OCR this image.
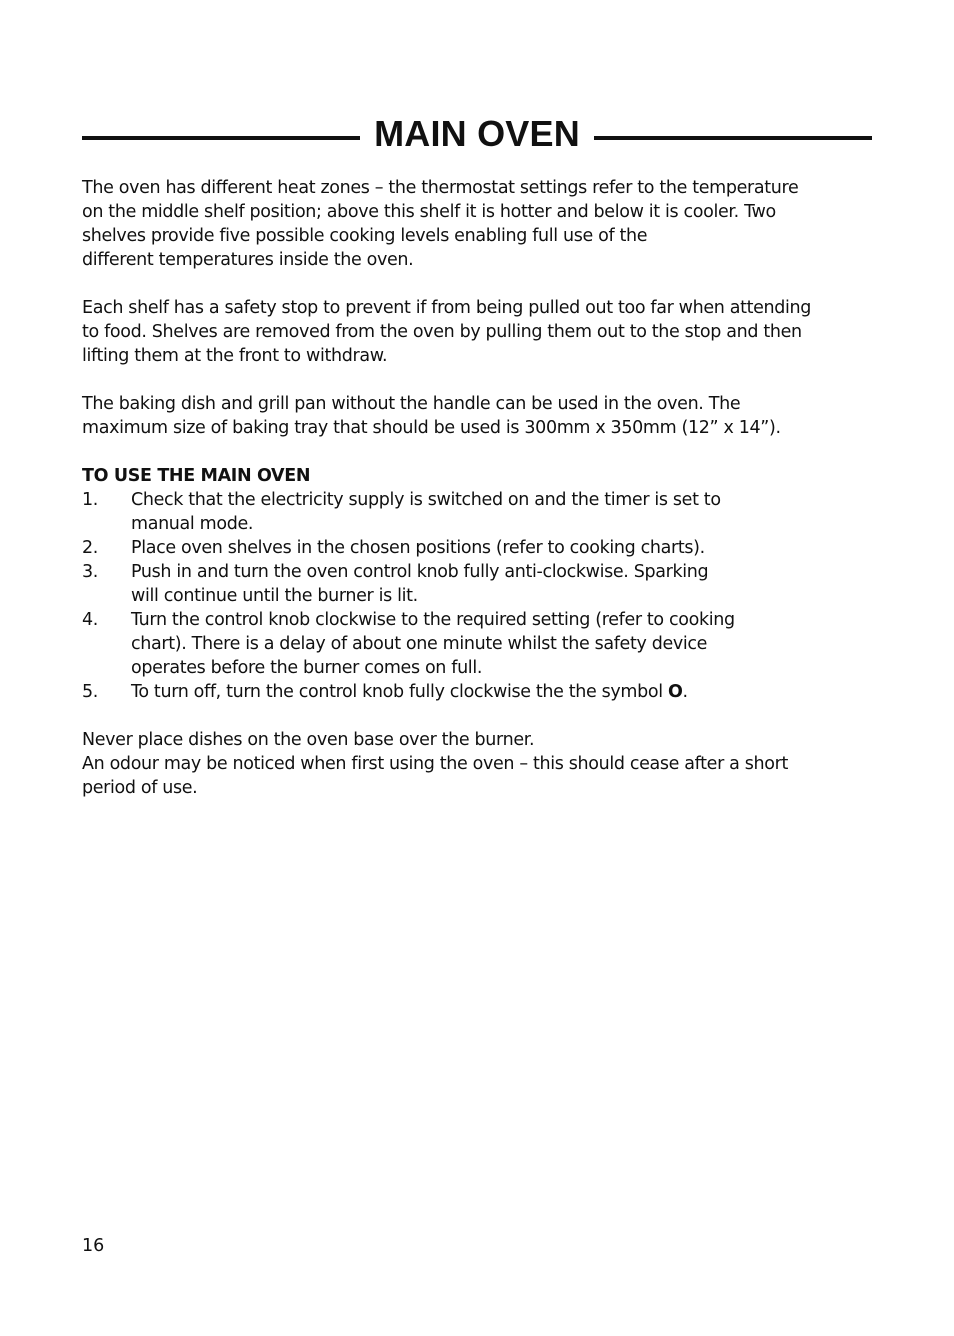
MAIN OVEN

The oven has different heat zones – the thermostat settings refer to the temperature
on the middle shelf position; above this shelf it is hotter and below it is cooler. Two
shelves provide five possible cooking levels enabling full use of the
different temperatures inside the oven.

Each shelf has a safety stop to prevent if from being pulled out too far when attending
to food. Shelves are removed from the oven by pulling them out to the stop and then
lifting them at the front to withdraw.

The baking dish and grill pan without the handle can be used in the oven. The
maximum size of baking tray that should be used is 300mm x 350mm (12” x 14”).

TO USE THE MAIN OVEN
1.	Check that the electricity supply is switched on and the timer is set to
manual mode.
2.	Place oven shelves in the chosen positions (refer to cooking charts).
3.	Push in and turn the oven control knob fully anti-clockwise. Sparking
will continue until the burner is lit.
4.	Turn the control knob clockwise to the required setting (refer to cooking
chart). There is a delay of about one minute whilst the safety device
operates before the burner comes on full.
5.	To turn off, turn the control knob fully clockwise the the symbol O.

Never place dishes on the oven base over the burner.
An odour may be noticed when first using the oven – this should cease after a short
period of use.

16
